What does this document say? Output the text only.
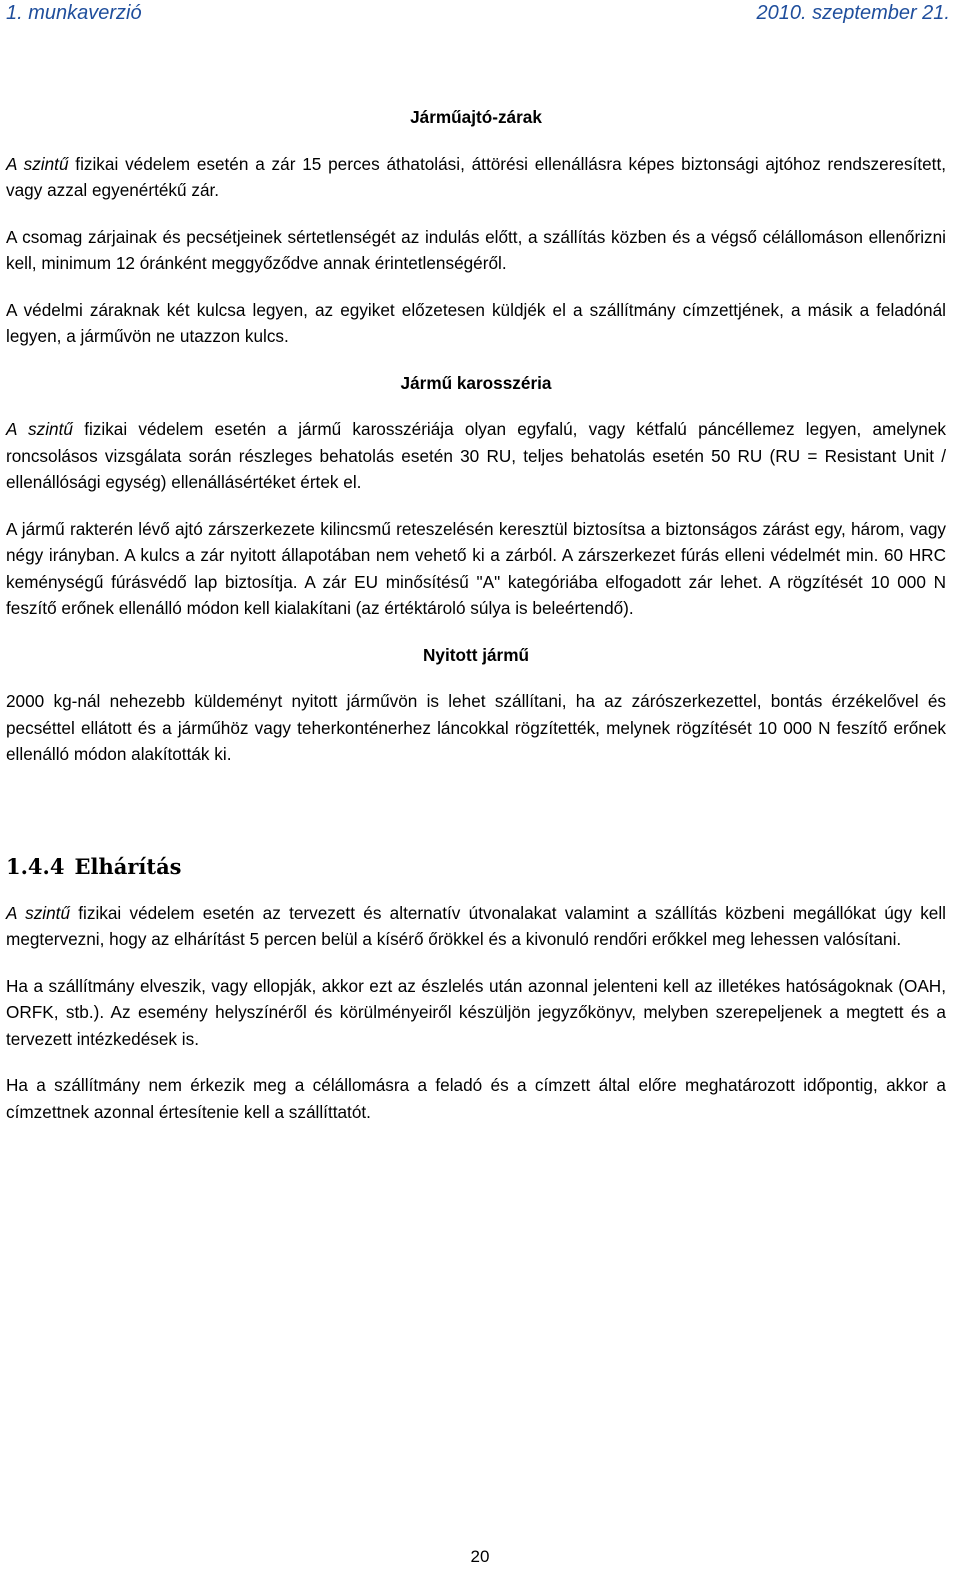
1. munkaverzió	2010. szeptember 21.
Járműajtó-zárak

A szintű fizikai védelem esetén a zár 15 perces áthatolási, áttörési ellenállásra képes biztonsági ajtóhoz rendszeresített, vagy azzal egyenértékű zár.

A csomag zárjainak és pecsétjeinek sértetlenségét az indulás előtt, a szállítás közben és a végső célállomáson ellenőrizni kell, minimum 12 óránként meggyőződve annak érintetlenségéről.

A védelmi záraknak két kulcsa legyen, az egyiket előzetesen küldjék el a szállítmány címzettjének, a másik a feladónál legyen, a járművön ne utazzon kulcs.

Jármű karosszéria

A szintű fizikai védelem esetén a jármű karosszériája olyan egyfalú, vagy kétfalú páncéllemez legyen, amelynek roncsolásos vizsgálata során részleges behatolás esetén 30 RU, teljes behatolás esetén 50 RU (RU = Resistant Unit / ellenállósági egység) ellenállásértéket értek el.

A jármű rakterén lévő ajtó zárszerkezete kilincsmű reteszelésén keresztül biztosítsa a biztonságos zárást egy, három, vagy négy irányban. A kulcs a zár nyitott állapotában nem vehető ki a zárból. A zárszerkezet fúrás elleni védelmét min. 60 HRC keménységű fúrásvédő lap biztosítja. A zár EU minősítésű "A" kategóriába elfogadott zár lehet. A rögzítését 10 000 N feszítő erőnek ellenálló módon kell kialakítani (az értéktároló súlya is beleértendő).

Nyitott jármű

2000 kg-nál nehezebb küldeményt nyitott járművön is lehet szállítani, ha az zárószerkezettel, bontás érzékelővel és pecséttel ellátott és a járműhöz vagy teherkonténerhez láncokkal rögzítették, melynek rögzítését 10 000 N feszítő erőnek ellenálló módon alakították ki.

1.4.4 Elhárítás

A szintű fizikai védelem esetén az tervezett és alternatív útvonalakat valamint a szállítás közbeni megállókat úgy kell megtervezni, hogy az elhárítást 5 percen belül a kísérő őrökkel és a kivonuló rendőri erőkkel meg lehessen valósítani.

Ha a szállítmány elveszik, vagy ellopják, akkor ezt az észlelés után azonnal jelenteni kell az illetékes hatóságoknak (OAH, ORFK, stb.). Az esemény helyszínéről és körülményeiről készüljön jegyzőkönyv, melyben szerepeljenek a megtett és a tervezett intézkedések is.

Ha a szállítmány nem érkezik meg a célállomásra a feladó és a címzett által előre meghatározott időpontig, akkor a címzettnek azonnal értesítenie kell a szállíttatót.

20
